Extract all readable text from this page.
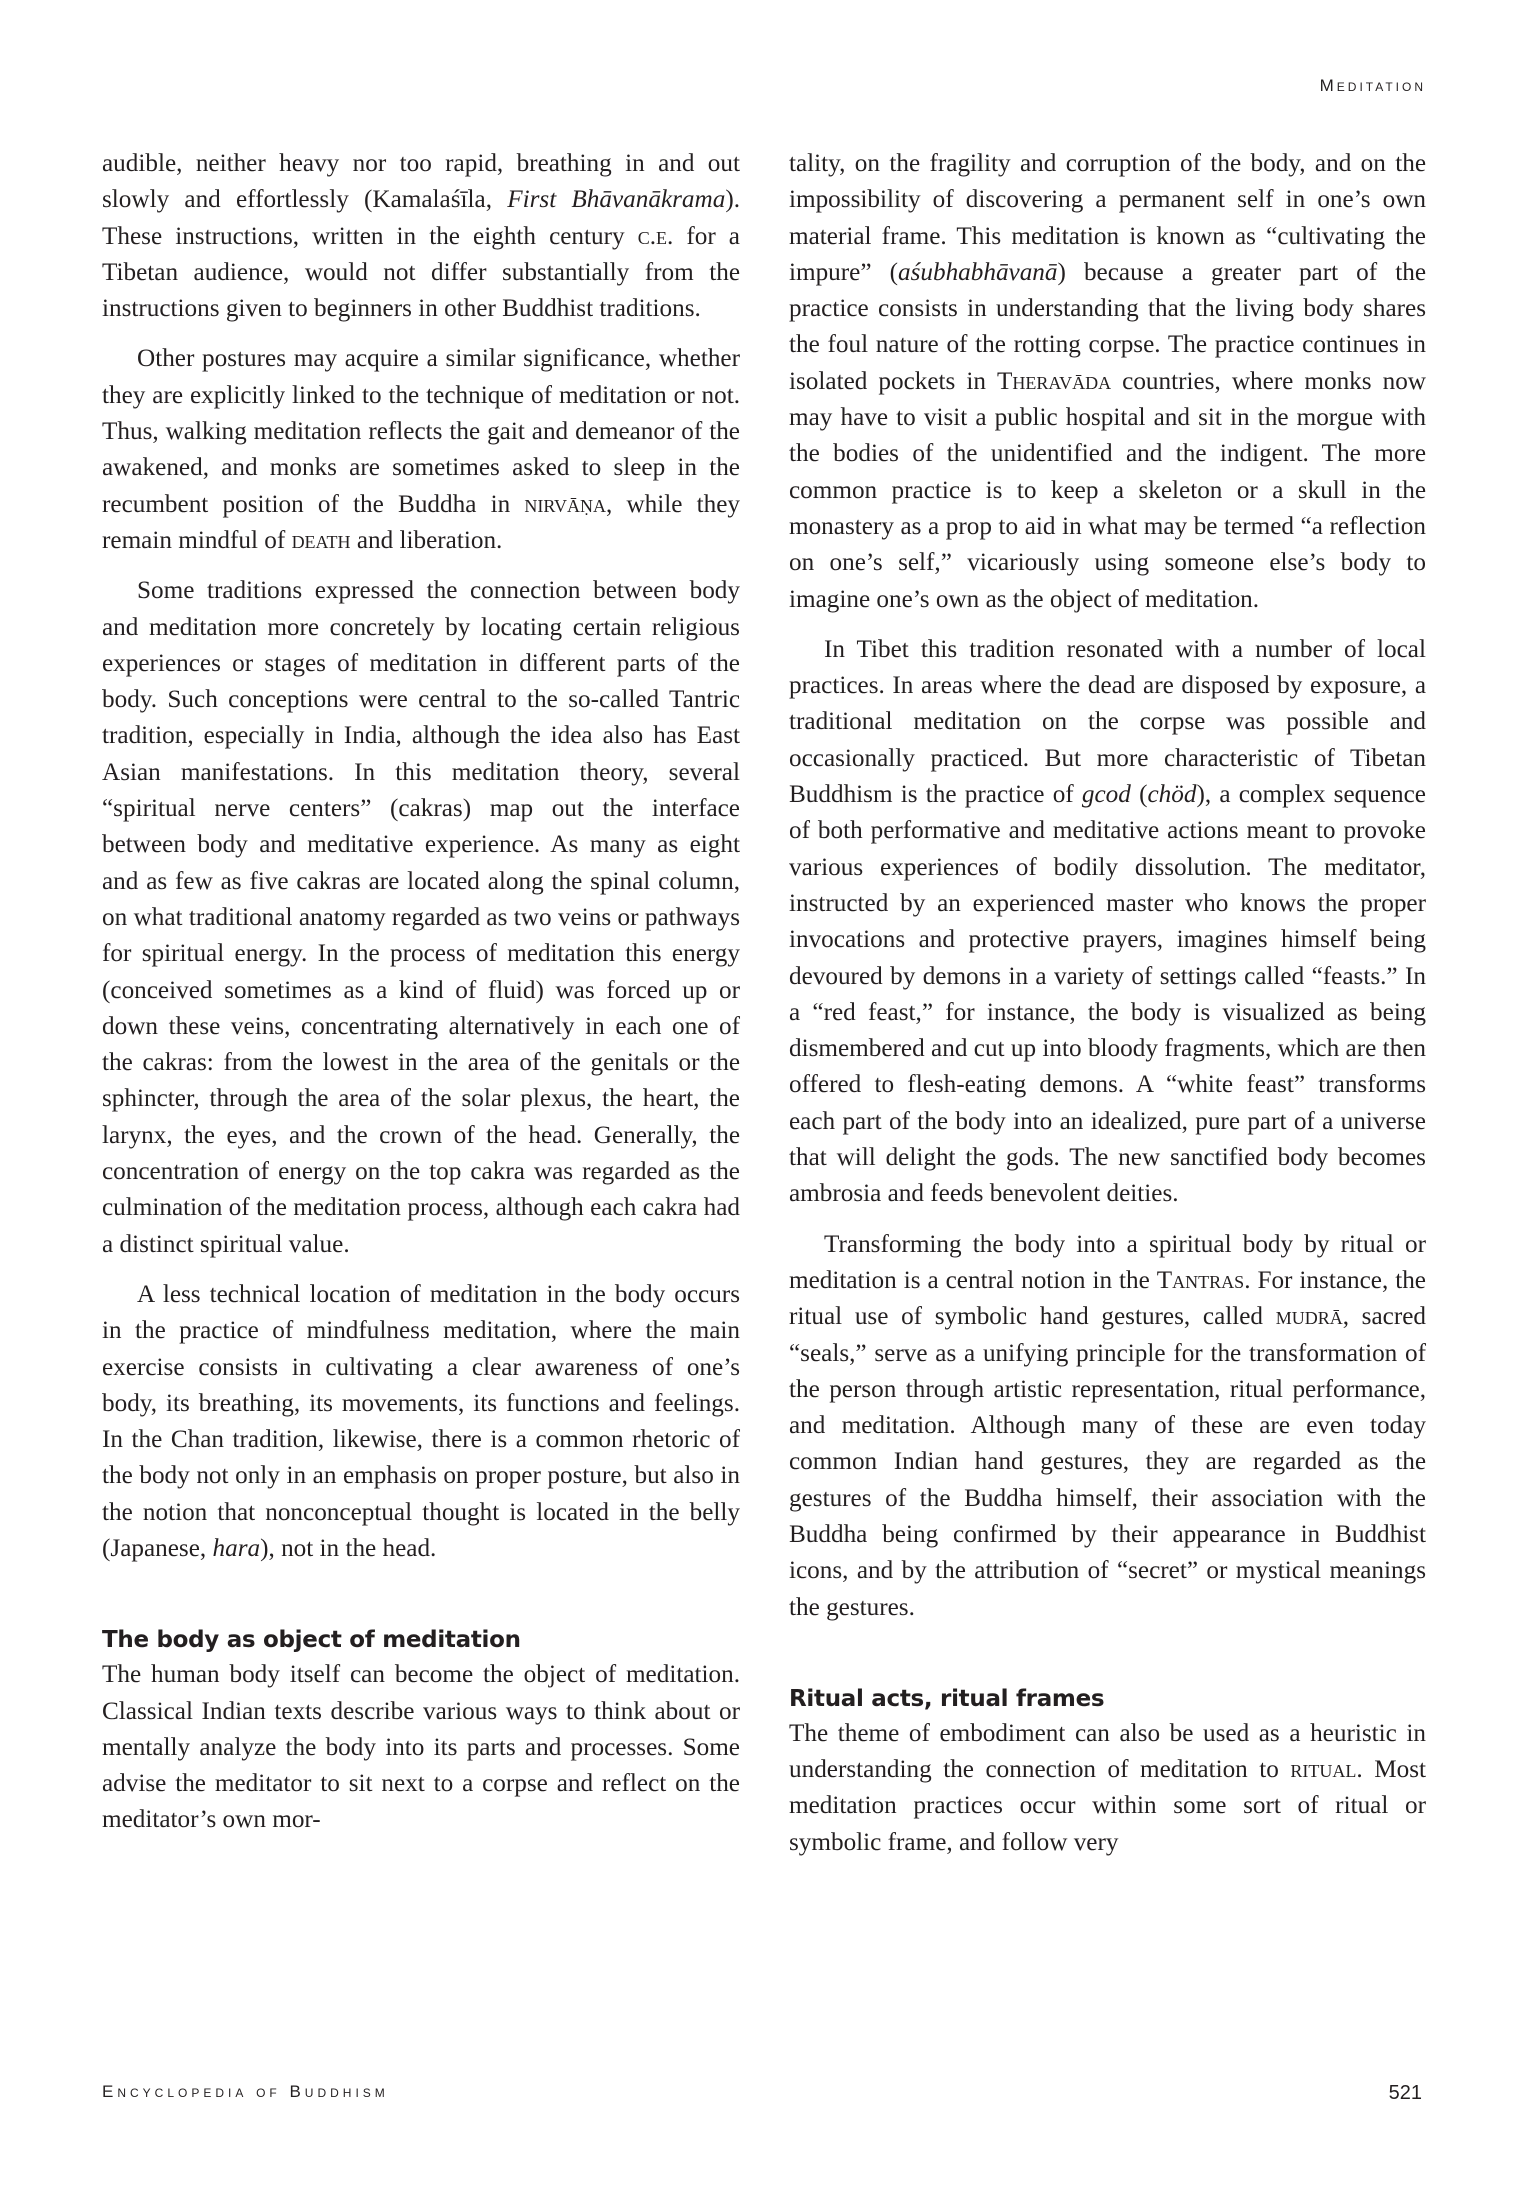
Meditation

audible, neither heavy nor too rapid, breathing in and out slowly and effortlessly (Kamalaśīla, First Bhāvanākrama). These instructions, written in the eighth century c.e. for a Tibetan audience, would not differ substantially from the instructions given to beginners in other Buddhist traditions.

Other postures may acquire a similar significance, whether they are explicitly linked to the technique of meditation or not. Thus, walking meditation reflects the gait and demeanor of the awakened, and monks are sometimes asked to sleep in the recumbent position of the Buddha in nirvāṇa, while they remain mindful of death and liberation.

Some traditions expressed the connection between body and meditation more concretely by locating certain religious experiences or stages of meditation in different parts of the body. Such conceptions were central to the so-called Tantric tradition, especially in India, although the idea also has East Asian manifestations. In this meditation theory, several “spiritual nerve centers” (cakras) map out the interface between body and meditative experience. As many as eight and as few as five cakras are located along the spinal column, on what traditional anatomy regarded as two veins or pathways for spiritual energy. In the process of meditation this energy (conceived sometimes as a kind of fluid) was forced up or down these veins, concentrating alternatively in each one of the cakras: from the lowest in the area of the genitals or the sphincter, through the area of the solar plexus, the heart, the larynx, the eyes, and the crown of the head. Generally, the concentration of energy on the top cakra was regarded as the culmination of the meditation process, although each cakra had a distinct spiritual value.

A less technical location of meditation in the body occurs in the practice of mindfulness meditation, where the main exercise consists in cultivating a clear awareness of one’s body, its breathing, its movements, its functions and feelings. In the Chan tradition, likewise, there is a common rhetoric of the body not only in an emphasis on proper posture, but also in the notion that nonconceptual thought is located in the belly (Japanese, hara), not in the head.

The body as object of meditation

The human body itself can become the object of meditation. Classical Indian texts describe various ways to think about or mentally analyze the body into its parts and processes. Some advise the meditator to sit next to a corpse and reflect on the meditator’s own mor-

tality, on the fragility and corruption of the body, and on the impossibility of discovering a permanent self in one’s own material frame. This meditation is known as “cultivating the impure” (aśubhabhāvanā) because a greater part of the practice consists in understanding that the living body shares the foul nature of the rotting corpse. The practice continues in isolated pockets in Theravāda countries, where monks now may have to visit a public hospital and sit in the morgue with the bodies of the unidentified and the indigent. The more common practice is to keep a skeleton or a skull in the monastery as a prop to aid in what may be termed “a reflection on one’s self,” vicariously using someone else’s body to imagine one’s own as the object of meditation.

In Tibet this tradition resonated with a number of local practices. In areas where the dead are disposed by exposure, a traditional meditation on the corpse was possible and occasionally practiced. But more characteristic of Tibetan Buddhism is the practice of gcod (chöd), a complex sequence of both performative and meditative actions meant to provoke various experiences of bodily dissolution. The meditator, instructed by an experienced master who knows the proper invocations and protective prayers, imagines himself being devoured by demons in a variety of settings called “feasts.” In a “red feast,” for instance, the body is visualized as being dismembered and cut up into bloody fragments, which are then offered to flesh-eating demons. A “white feast” transforms each part of the body into an idealized, pure part of a universe that will delight the gods. The new sanctified body becomes ambrosia and feeds benevolent deities.

Transforming the body into a spiritual body by ritual or meditation is a central notion in the Tantras. For instance, the ritual use of symbolic hand gestures, called mudrā, sacred “seals,” serve as a unifying principle for the transformation of the person through artistic representation, ritual performance, and meditation. Although many of these are even today common Indian hand gestures, they are regarded as the gestures of the Buddha himself, their association with the Buddha being confirmed by their appearance in Buddhist icons, and by the attribution of “secret” or mystical meanings the gestures.

Ritual acts, ritual frames

The theme of embodiment can also be used as a heuristic in understanding the connection of meditation to ritual. Most meditation practices occur within some sort of ritual or symbolic frame, and follow very

Encyclopedia of Buddhism	521
